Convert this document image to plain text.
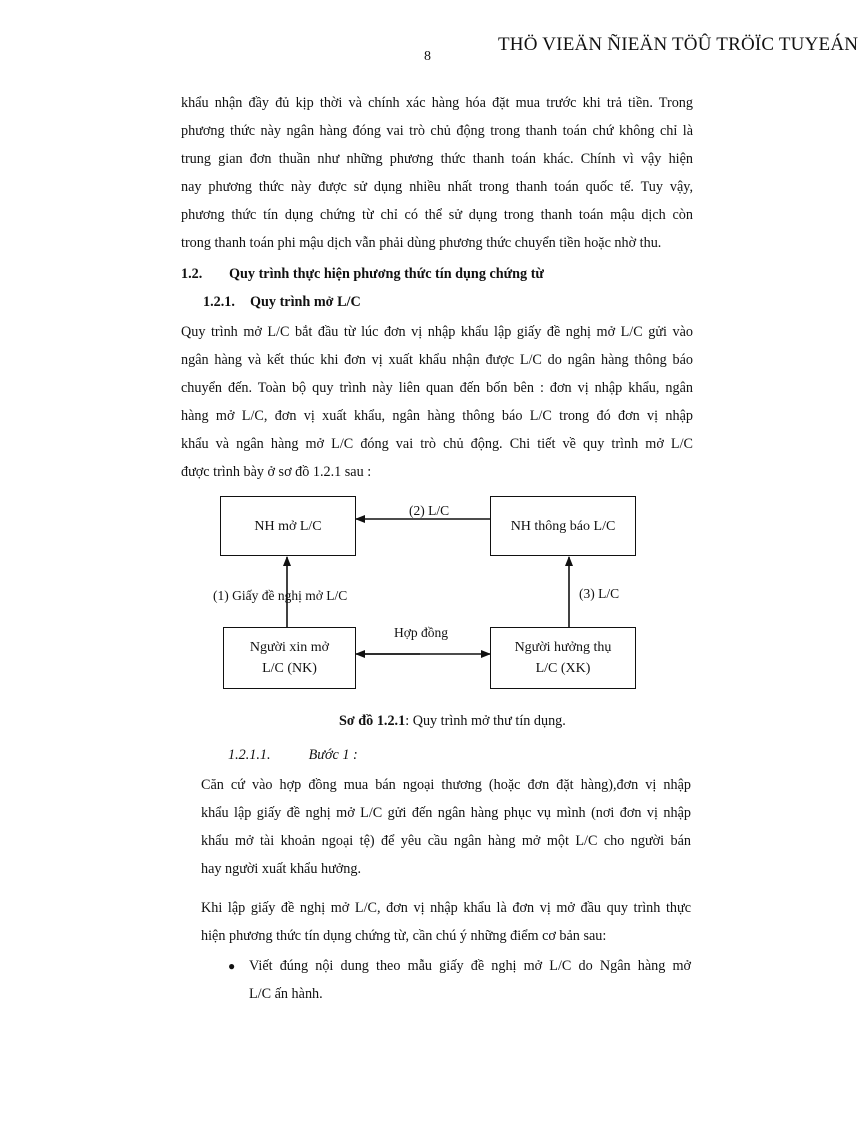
THÖ VIEÄN ÑIEÄN TÖÛ TRÖÏC TUYEÁN
8
khẩu nhận đầy đủ kịp thời và chính xác hàng hóa đặt mua trước khi trả tiền. Trong
phương thức này ngân hàng đóng vai trò chủ động trong thanh toán chứ không chỉ là
trung gian đơn thuần như những phương thức thanh toán khác. Chính vì vậy hiện
nay phương thức này được sử dụng nhiều nhất trong thanh toán quốc tế. Tuy vậy,
phương thức tín dụng chứng từ chỉ có thể sử dụng trong thanh toán mậu dịch còn
trong thanh toán phi mậu dịch vẫn phải dùng phương thức chuyển tiền hoặc nhờ thu.
1.2. Quy trình thực hiện phương thức tín dụng chứng từ
1.2.1. Quy trình mở L/C
Quy trình mở L/C bắt đầu từ lúc đơn vị nhập khẩu lập giấy đề nghị mở L/C gửi vào
ngân hàng và kết thúc khi đơn vị xuất khẩu nhận được L/C do ngân hàng thông báo
chuyển đến. Toàn bộ quy trình này liên quan đến bốn bên : đơn vị nhập khẩu, ngân
hàng mở L/C, đơn vị xuất khẩu, ngân hàng thông báo L/C trong đó đơn vị nhập
khẩu và ngân hàng mở L/C đóng vai trò chủ động. Chi tiết về quy trình mở L/C
được trình bày ở sơ đồ 1.2.1 sau :
NH mở L/C	NH thông báo L/C
Người xin mở
L/C (NK)
Người hưởng thụ
L/C (XK)
(2) L/C
(1) Giấy đề nghị mở L/C	(3) L/C
Hợp đồng
Sơ đồ 1.2.1: Quy trình mở thư tín dụng.
1.2.1.1.	Bước 1 :
Căn cứ vào hợp đồng mua bán ngoại thương (hoặc đơn đặt hàng),đơn vị nhập
khẩu lập giấy đề nghị mở L/C gửi đến ngân hàng phục vụ mình (nơi đơn vị nhập
khẩu mở tài khoản ngoại tệ) để yêu cầu ngân hàng mở một L/C cho người bán
hay người xuất khẩu hưởng.
Khi lập giấy đề nghị mở L/C, đơn vị nhập khẩu là đơn vị mở đầu quy trình thực
hiện phương thức tín dụng chứng từ, cần chú ý những điểm cơ bản sau:
● Viết đúng nội dung theo mẫu giấy đề nghị mở L/C do Ngân hàng mở
L/C ấn hành.
